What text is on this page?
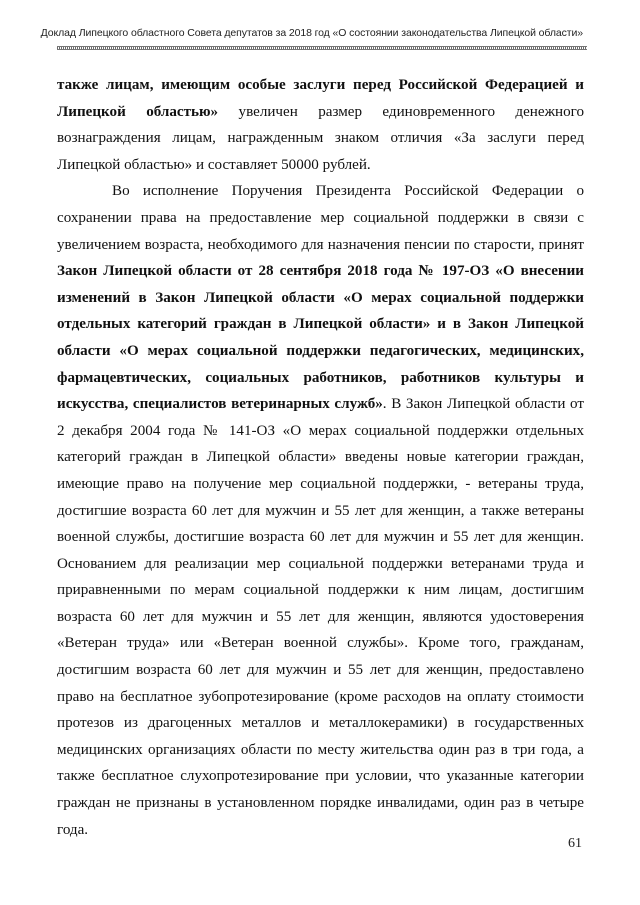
Доклад Липецкого областного Совета депутатов за 2018 год «О состоянии законодательства Липецкой области»

также лицам, имеющим особые заслуги перед Российской Федерацией и Липецкой областью» увеличен размер единовременного денежного вознаграждения лицам, награжденным знаком отличия «За заслуги перед Липецкой областью» и составляет 50000 рублей.

Во исполнение Поручения Президента Российской Федерации о сохранении права на предоставление мер социальной поддержки в связи с увеличением возраста, необходимого для назначения пенсии по старости, принят Закон Липецкой области от 28 сентября 2018 года № 197-ОЗ «О внесении изменений в Закон Липецкой области «О мерах социальной поддержки отдельных категорий граждан в Липецкой области» и в Закон Липецкой области «О мерах социальной поддержки педагогических, медицинских, фармацевтических, социальных работников, работников культуры и искусства, специалистов ветеринарных служб». В Закон Липецкой области от 2 декабря 2004 года № 141-ОЗ «О мерах социальной поддержки отдельных категорий граждан в Липецкой области» введены новые категории граждан, имеющие право на получение мер социальной поддержки, - ветераны труда, достигшие возраста 60 лет для мужчин и 55 лет для женщин, а также ветераны военной службы, достигшие возраста 60 лет для мужчин и 55 лет для женщин. Основанием для реализации мер социальной поддержки ветеранами труда и приравненными по мерам социальной поддержки к ним лицам, достигшим возраста 60 лет для мужчин и 55 лет для женщин, являются удостоверения «Ветеран труда» или «Ветеран военной службы». Кроме того, гражданам, достигшим возраста 60 лет для мужчин и 55 лет для женщин, предоставлено право на бесплатное зубопротезирование (кроме расходов на оплату стоимости протезов из драгоценных металлов и металлокерамики) в государственных медицинских организациях области по месту жительства один раз в три года, а также бесплатное слухопротезирование при условии, что указанные категории граждан не признаны в установленном порядке инвалидами, один раз в четыре года.

61
